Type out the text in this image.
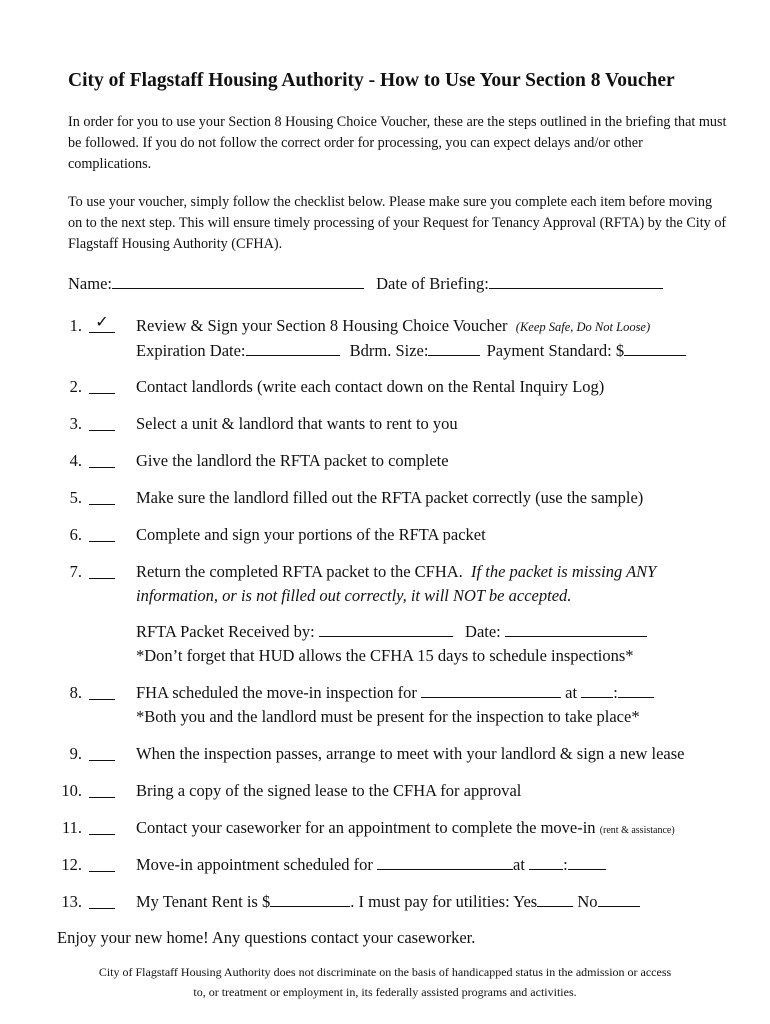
City of Flagstaff Housing Authority - How to Use Your Section 8 Voucher
In order for you to use your Section 8 Housing Choice Voucher, these are the steps outlined in the briefing that must be followed. If you do not follow the correct order for processing, you can expect delays and/or other complications.
To use your voucher, simply follow the checklist below. Please make sure you complete each item before moving on to the next step. This will ensure timely processing of your Request for Tenancy Approval (RFTA) by the City of Flagstaff Housing Authority (CFHA).
Name:	Date of Briefing:
1. ✓	Review & Sign your Section 8 Housing Choice Voucher (Keep Safe, Do Not Loose)
Expiration Date:	Bdrm. Size:	Payment Standard: $
2.	Contact landlords (write each contact down on the Rental Inquiry Log)
3.	Select a unit & landlord that wants to rent to you
4.	Give the landlord the RFTA packet to complete
5.	Make sure the landlord filled out the RFTA packet correctly (use the sample)
6.	Complete and sign your portions of the RFTA packet
7.	Return the completed RFTA packet to the CFHA. If the packet is missing ANY
information, or is not filled out correctly, it will NOT be accepted.
RFTA Packet Received by:	Date:
*Don’t forget that HUD allows the CFHA 15 days to schedule inspections*
8.	FHA scheduled the move-in inspection for	at :
*Both you and the landlord must be present for the inspection to take place*
9.	When the inspection passes, arrange to meet with your landlord & sign a new lease
10.	Bring a copy of the signed lease to the CFHA for approval
11.	Contact your caseworker for an appointment to complete the move-in (rent & assistance)
12.	Move-in appointment scheduled for	at :
13.	My Tenant Rent is $	. I must pay for utilities: Yes No
Enjoy your new home! Any questions contact your caseworker.
City of Flagstaff Housing Authority does not discriminate on the basis of handicapped status in the admission or access
to, or treatment or employment in, its federally assisted programs and activities.
